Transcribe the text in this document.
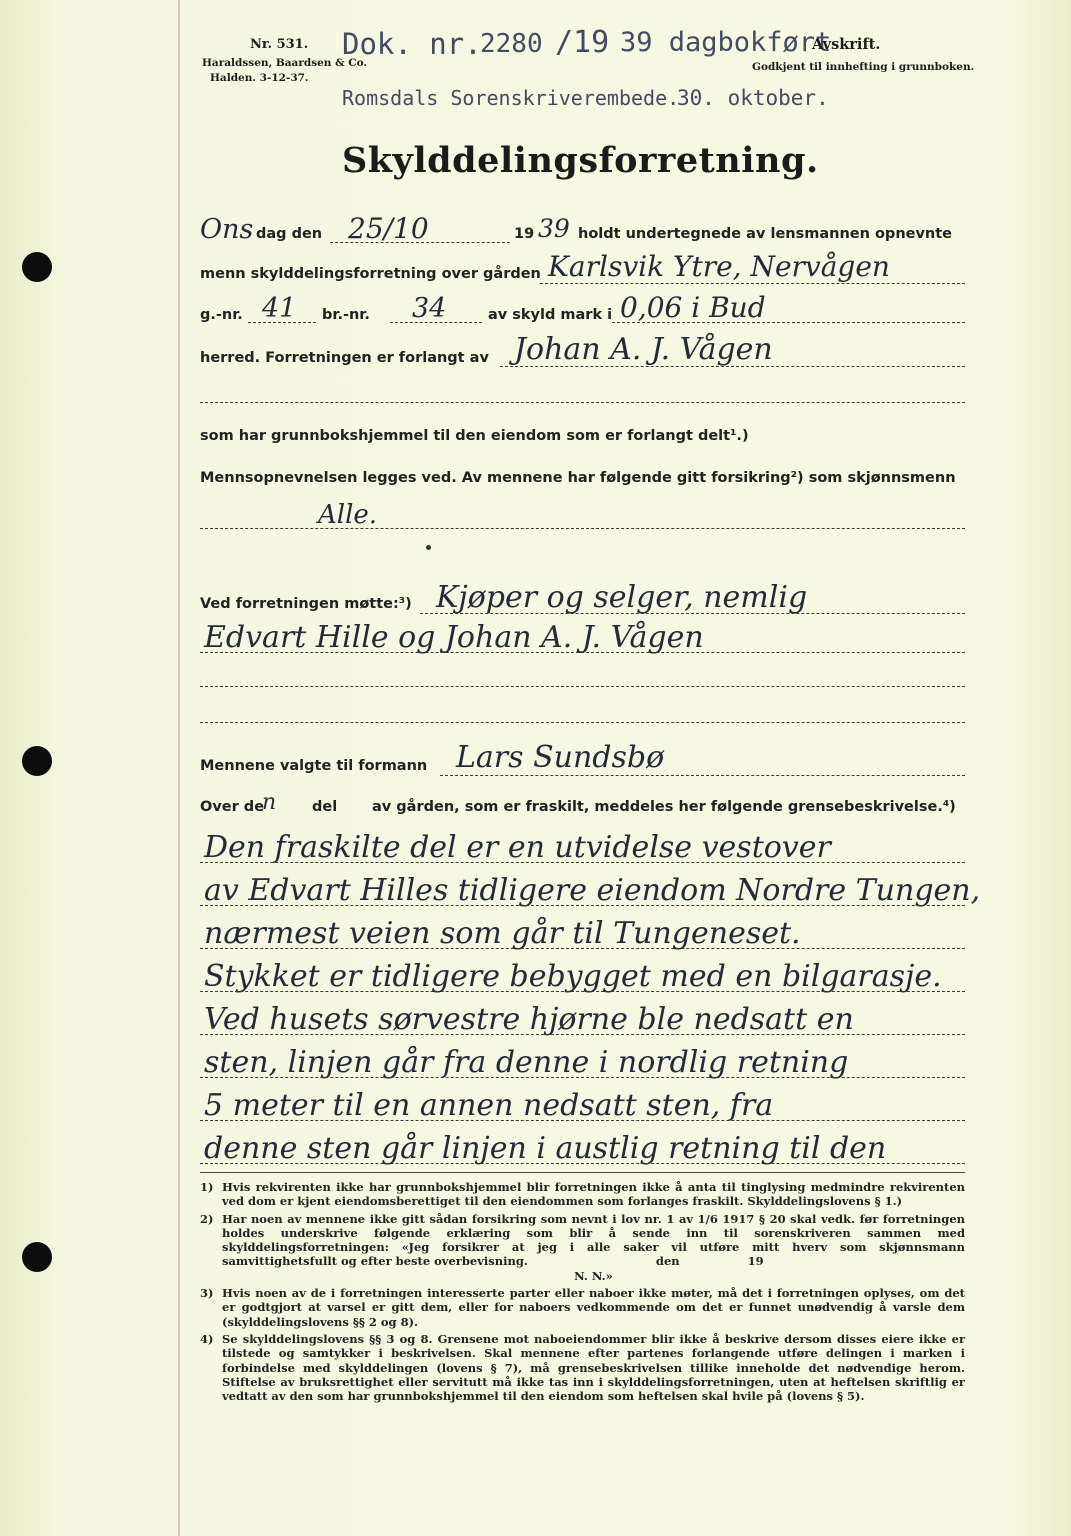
Nr. 531.
Haraldssen, Baardsen & Co.
Halden. 3-12-37.
Dok. nr.
2280 /19 39 dagbokført
Romsdals Sorenskriverembede.
30. oktober.
Avskrift.
Godkjent til innhefting i grunnboken.
Skylddelingsforretning.
Ons dag den 25/10	19 39 holdt undertegnede av lensmannen opnevnte
menn skylddelingsforretning over gården Karlsvik Ytre, Nervågen
g.-nr. 41 br.-nr. 34	av skyld mark i 0,06 i Bud
herred. Forretningen er forlangt av Johan A. J. Vågen
som har grunnbokshjemmel til den eiendom som er forlangt delt¹.)
Mennsopnevnelsen legges ved. Av mennene har følgende gitt forsikring²) som skjønnsmenn
Alle.
Ved forretningen møtte:³) Kjøper og selger, nemlig
Edvart Hille og Johan A. J. Vågen
Mennene valgte til formann Lars Sundsbø
Over de
n del av gården, som er fraskilt, meddeles her følgende grensebeskrivelse.⁴)
Den fraskilte del er en utvidelse vestover
av Edvart Hilles tidligere eiendom Nordre Tungen,
nærmest veien som går til Tungeneset.
Stykket er tidligere bebygget med en bilgarasje.
Ved husets sørvestre hjørne ble nedsatt en
sten, linjen går fra denne i nordlig retning
5 meter til en annen nedsatt sten, fra
denne sten går linjen i austlig retning til den
1) Hvis rekvirenten ikke har grunnbokshjemmel blir forretningen ikke å anta til tinglysing medmindre rekvirenten ved dom er kjent eiendomsberettiget til den eiendommen som forlanges fraskilt. Skylddelingslovens § 1.)
2) Har noen av mennene ikke gitt sådan forsikring som nevnt i lov nr. 1 av 1/6 1917 § 20 skal vedk. før forretningen holdes underskrive følgende erklæring som blir å sende inn til sorenskriveren sammen med skylddelingsforretningen: «Jeg forsikrer at jeg i alle saker vil utføre mitt hverv som skjønnsmann samvittighetsfullt og efter beste overbevisning.	den	19
N. N.»
3) Hvis noen av de i forretningen interesserte parter eller naboer ikke møter, må det i forretningen oplyses, om det er godtgjort at varsel er gitt dem, eller for naboers vedkommende om det er funnet unødvendig å varsle dem (skylddelingslovens §§ 2 og 8).
4) Se skylddelingslovens §§ 3 og 8. Grensene mot naboeiendommer blir ikke å beskrive dersom disses eiere ikke er tilstede og samtykker i beskrivelsen. Skal mennene efter partenes forlangende utføre delingen i marken i forbindelse med skylddelingen (lovens § 7), må grensebeskrivelsen tillike inneholde det nødvendige herom. Stiftelse av bruksrettighet eller servitutt må ikke tas inn i skylddelingsforretningen, uten at heftelsen skriftlig er vedtatt av den som har grunnbokshjemmel til den eiendom som heftelsen skal hvile på (lovens § 5).
